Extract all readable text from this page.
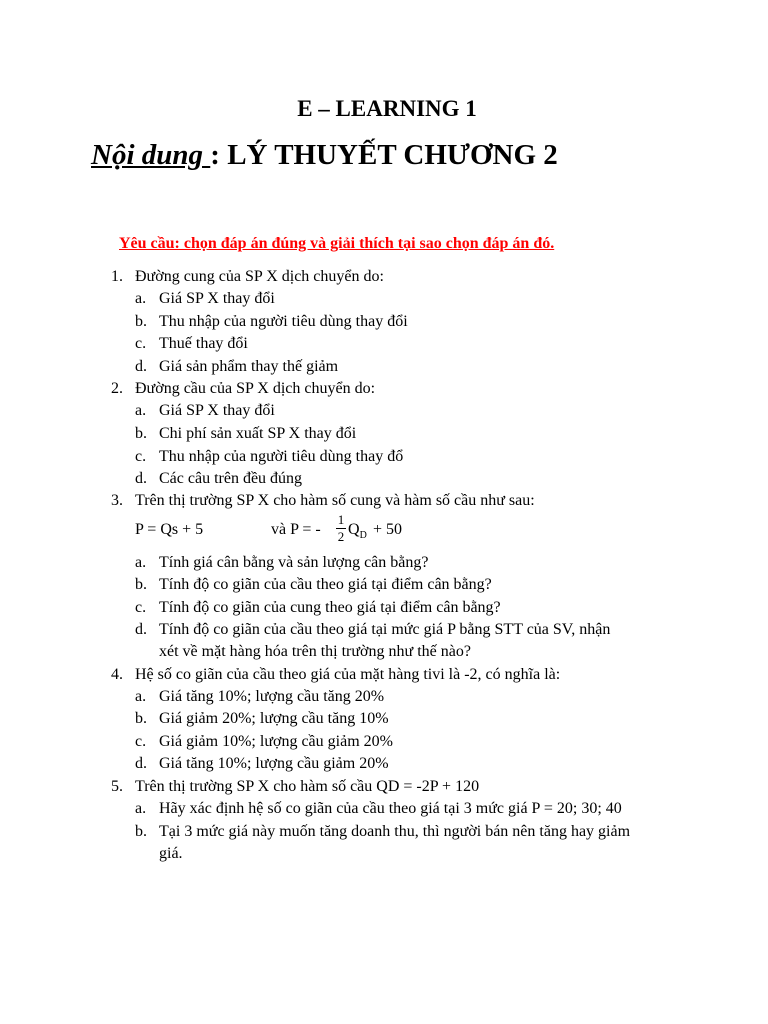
E – LEARNING 1
Nội dung : LÝ THUYẾT CHƯƠNG 2
Yêu cầu: chọn đáp án đúng và giải thích tại sao chọn đáp án đó.
1. Đường cung của SP X dịch chuyển do:
a. Giá SP X thay đổi
b. Thu nhập của người tiêu dùng thay đổi
c. Thuế thay đổi
d. Giá sản phẩm thay thế giảm
2. Đường cầu của SP X dịch chuyển do:
a. Giá SP X thay đổi
b. Chi phí sản xuất SP X thay đổi
c. Thu nhập của người tiêu dùng thay đổ
d. Các câu trên đều đúng
3. Trên thị trường SP X cho hàm số cung và hàm số cầu như sau:
P = Qs + 5	và P = - $\frac{1}{2} Q_D + 50$
a. Tính giá cân bằng và sản lượng cân bằng?
b. Tính độ co giãn của cầu theo giá tại điểm cân bằng?
c. Tính độ co giãn của cung theo giá tại điểm cân bằng?
d. Tính độ co giãn của cầu theo giá tại mức giá P bằng STT của SV, nhận
xét về mặt hàng hóa trên thị trường như thế nào?
4. Hệ số co giãn của cầu theo giá của mặt hàng tivi là -2, có nghĩa là:
a. Giá tăng 10%; lượng cầu tăng 20%
b. Giá giảm 20%; lượng cầu tăng 10%
c. Giá giảm 10%; lượng cầu giảm 20%
d. Giá tăng 10%; lượng cầu giảm 20%
5. Trên thị trường SP X cho hàm số cầu QD = -2P + 120
a. Hãy xác định hệ số co giãn của cầu theo giá tại 3 mức giá P = 20; 30; 40
b. Tại 3 mức giá này muốn tăng doanh thu, thì người bán nên tăng hay giảm
giá.
